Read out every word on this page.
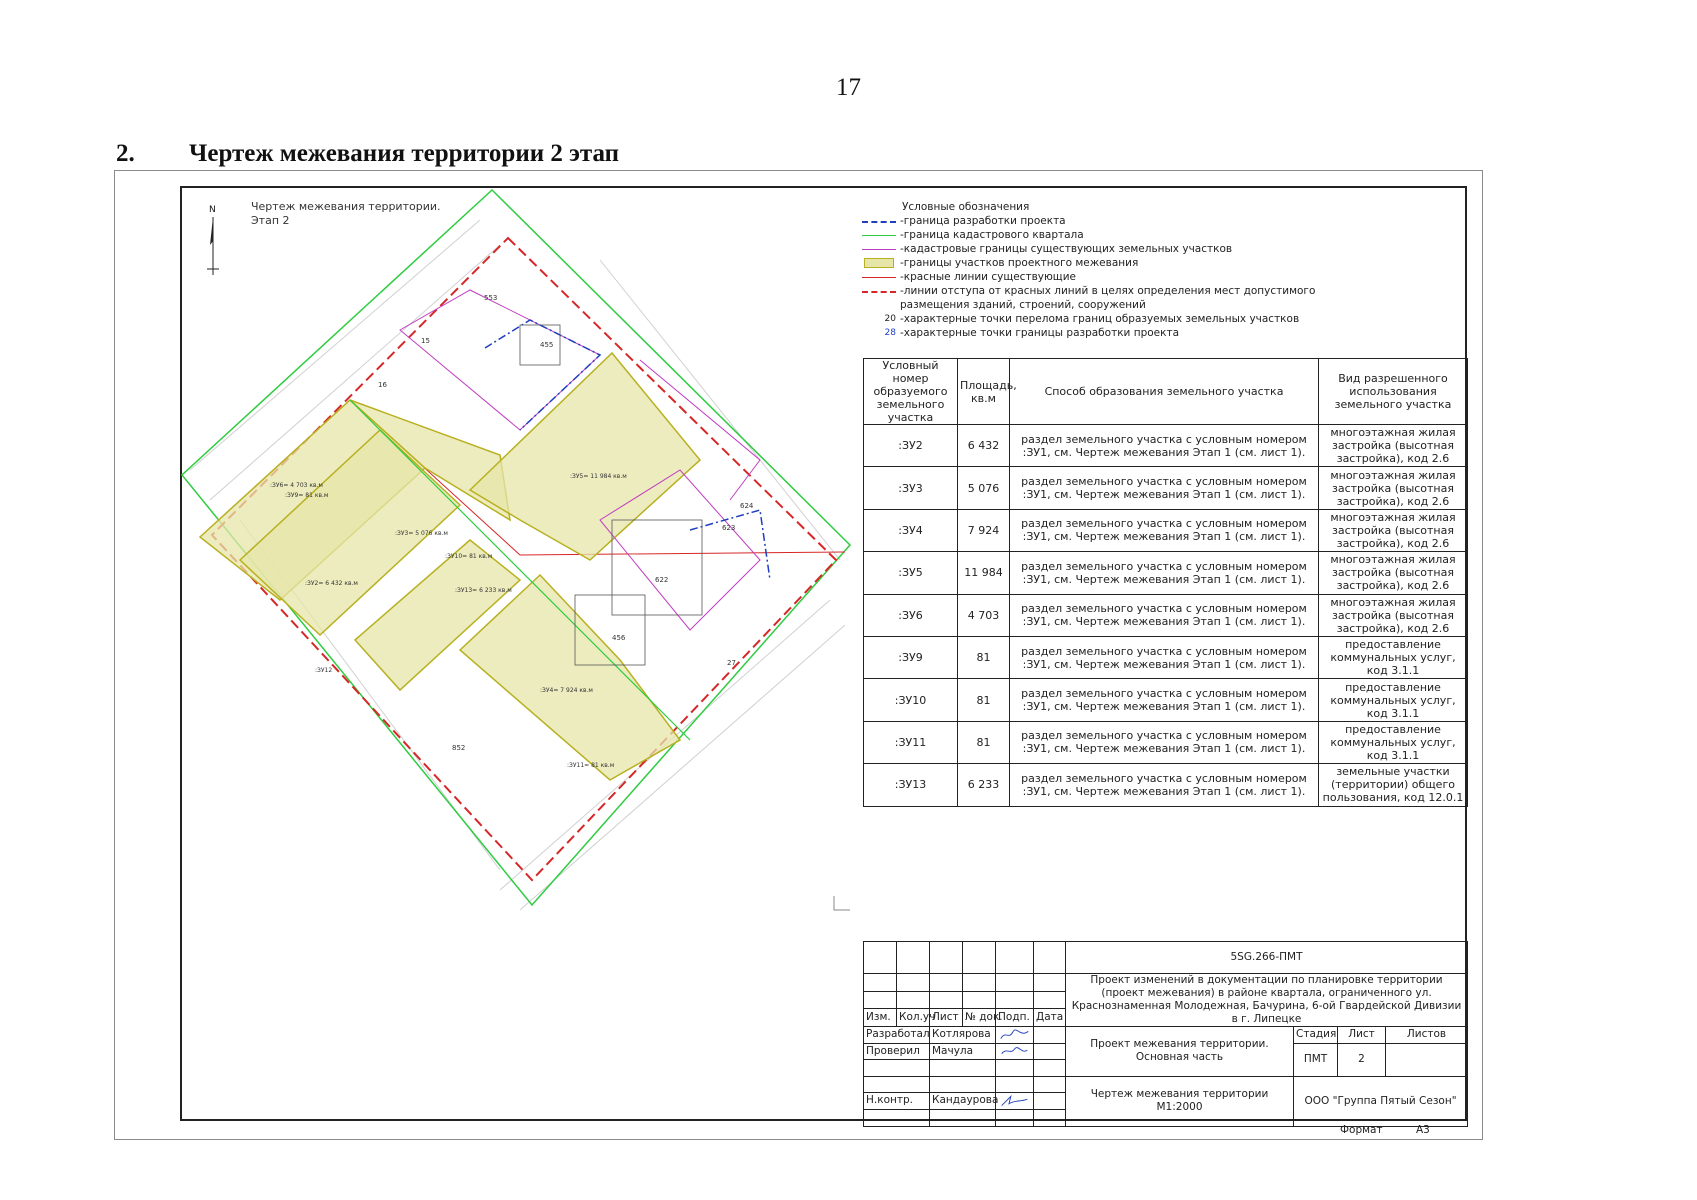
17
2. Чертеж межевания территории 2 этап
553
455
623
624
622
456
852
15
16
27
:ЗУ6= 4 703 кв.м
:ЗУ3= 5 076 кв.м
:ЗУ2= 6 432 кв.м
:ЗУ13= 6 233 кв.м
:ЗУ5= 11 984 кв.м
:ЗУ4= 7 924 кв.м
:ЗУ9= 81 кв.м
:ЗУ10= 81 кв.м
:ЗУ11= 81 кв.м
:ЗУ12
Чертеж межевания территории.
Этап 2
N	Условные обозначения
-граница разработки проекта
-граница кадастрового квартала
-кадастровые границы существующих земельных участков
-границы участков проектного межевания
-красные линии существующие
-линии отступа от красных линий в целях определения мест допустимого
размещения зданий, строений, сооружений
20 -характерные точки перелома границ образуемых земельных участков
28 -характерные точки границы разработки проекта
Условный номер образуемого земельного участка	Площадь, кв.м	Способ образования земельного участка	Вид разрешенного использования земельного участка
:ЗУ2	6 432	раздел земельного участка с условным номером :ЗУ1, см. Чертеж межевания Этап 1 (см. лист 1).	многоэтажная жилая застройка (высотная застройка), код 2.6
:ЗУ3	5 076	раздел земельного участка с условным номером :ЗУ1, см. Чертеж межевания Этап 1 (см. лист 1).	многоэтажная жилая застройка (высотная застройка), код 2.6
:ЗУ4	7 924	раздел земельного участка с условным номером :ЗУ1, см. Чертеж межевания Этап 1 (см. лист 1).	многоэтажная жилая застройка (высотная застройка), код 2.6
:ЗУ5	11 984	раздел земельного участка с условным номером :ЗУ1, см. Чертеж межевания Этап 1 (см. лист 1).	многоэтажная жилая застройка (высотная застройка), код 2.6
:ЗУ6	4 703	раздел земельного участка с условным номером :ЗУ1, см. Чертеж межевания Этап 1 (см. лист 1).	многоэтажная жилая застройка (высотная застройка), код 2.6
:ЗУ9	81	раздел земельного участка с условным номером :ЗУ1, см. Чертеж межевания Этап 1 (см. лист 1).	предоставление коммунальных услуг, код 3.1.1
:ЗУ10	81	раздел земельного участка с условным номером :ЗУ1, см. Чертеж межевания Этап 1 (см. лист 1).	предоставление коммунальных услуг, код 3.1.1
:ЗУ11	81	раздел земельного участка с условным номером :ЗУ1, см. Чертеж межевания Этап 1 (см. лист 1).	предоставление коммунальных услуг, код 3.1.1
:ЗУ13	6 233	раздел земельного участка с условным номером :ЗУ1, см. Чертеж межевания Этап 1 (см. лист 1).	земельные участки (территории) общего пользования, код 12.0.1
						5SG.266-ПМТ			
						Проект изменений в документации по планировке территории (проект межевания) в районе квартала, ограниченного ул. Краснознаменная Молодежная, Бачурина, 6-ой Гвардейской Дивизии в г. Липецке			

Изм.	Кол.уч	Лист	№ док.	Подп.	Дата				
Разработал		Котлярова				Проект межевания территории. Основная часть	Стадия	Лист	Листов
Проверил		Мачула					ПМТ	2	

						Чертеж межевания территории М1:2000	ООО "Группа Пятый Сезон"		
Н.контр.		Кандаурова	

Формат	А3
